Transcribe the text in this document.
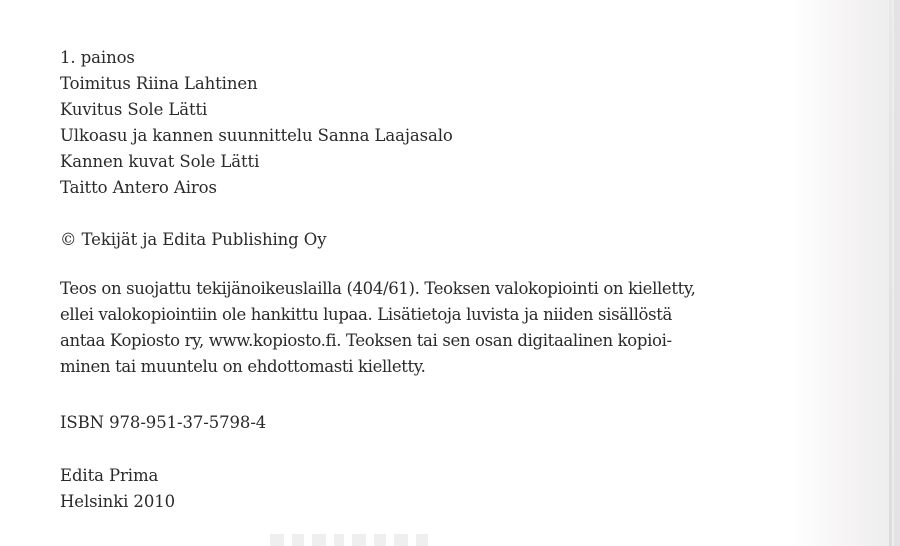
1. painos
Toimitus Riina Lahtinen
Kuvitus Sole Lätti
Ulkoasu ja kannen suunnittelu Sanna Laajasalo
Kannen kuvat Sole Lätti
Taitto Antero Airos
© Tekijät ja Edita Publishing Oy
Teos on suojattu tekijänoikeuslailla (404/61). Teoksen valokopiointi on kielletty,
ellei valokopiointiin ole hankittu lupaa. Lisätietoja luvista ja niiden sisällöstä
antaa Kopiosto ry, www.kopiosto.fi. Teoksen tai sen osan digitaalinen kopioi-
minen tai muuntelu on ehdottomasti kielletty.
ISBN 978-951-37-5798-4
Edita Prima
Helsinki 2010
